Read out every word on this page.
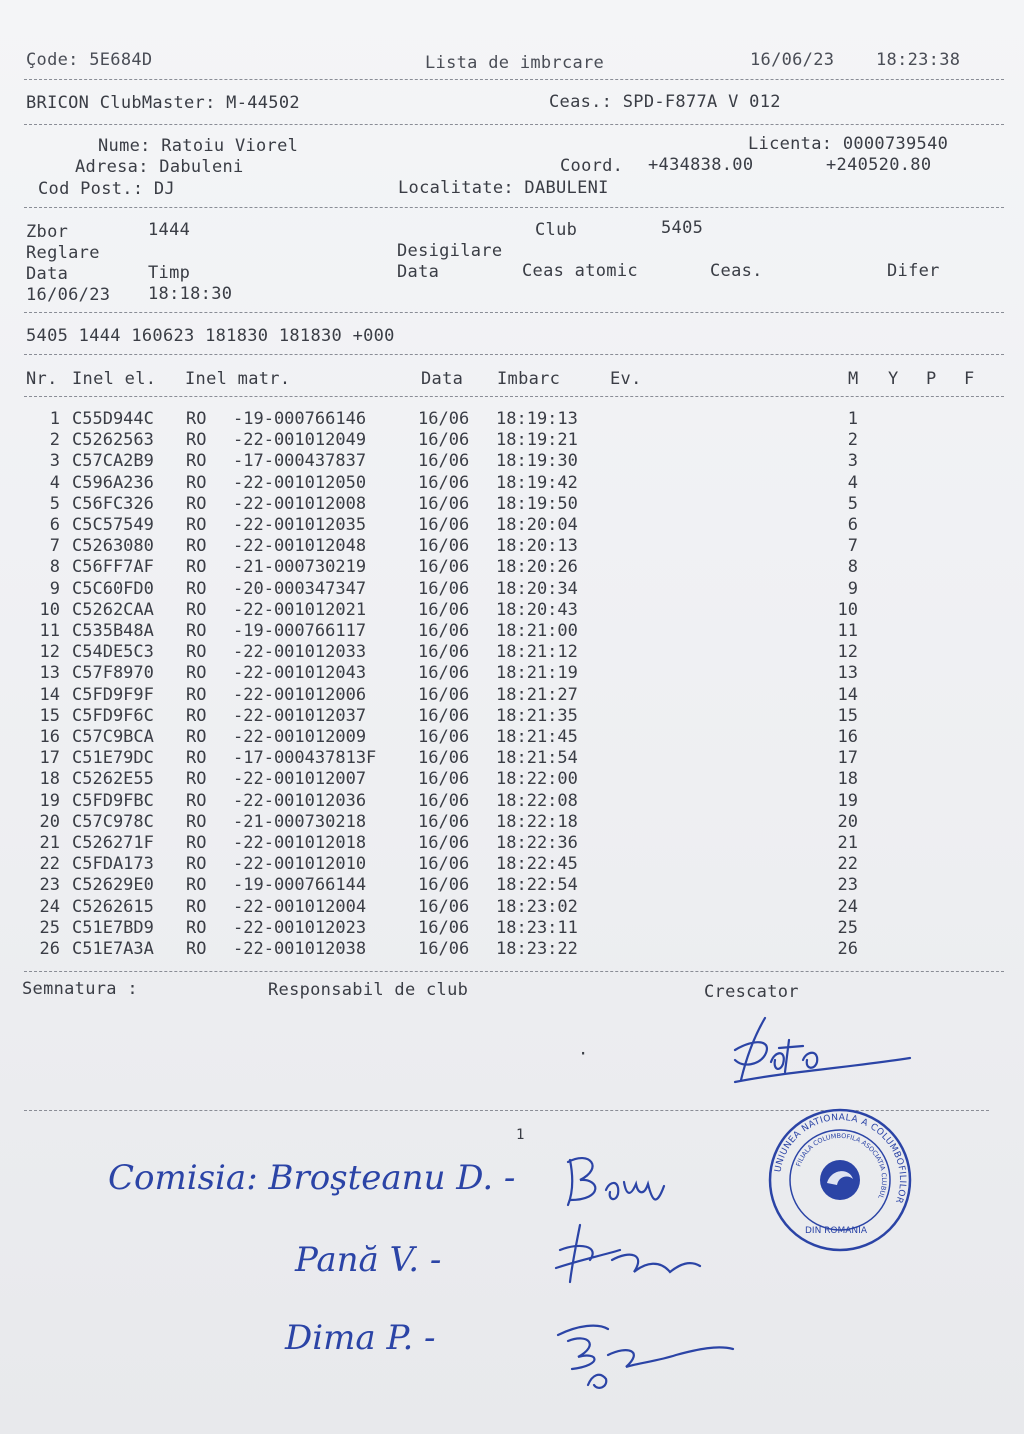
Çode: 5E684D	Lista de imbrcare	16/06/23 18:23:38
BRICON ClubMaster: M-44502	Ceas.: SPD-F877A V 012
Nume: Ratoiu Viorel	Licenta: 0000739540
Adresa: Dabuleni	Coord. +434838.00	+240520.80
Cod Post.: DJ	Localitate: DABULENI
Zbor	1444	Club	5405
Reglare	Desigilare
Data	Timp	Data	Ceas atomic	Ceas.	Difer
16/06/23 18:18:30
5405 1444 160623 181830 181830 +000
Nr. Inel el. Inel matr.	Data Imbarc	Ev.	M Y P F
1 C55D944C RO -19-000766146	16/06 18:19:13	1
2 C5262563 RO -22-001012049	16/06 18:19:21	2
3 C57CA2B9 RO -17-000437837	16/06 18:19:30	3
4 C596A236 RO -22-001012050	16/06 18:19:42	4
5 C56FC326 RO -22-001012008	16/06 18:19:50	5
6 C5C57549 RO -22-001012035	16/06 18:20:04	6
7 C5263080 RO -22-001012048	16/06 18:20:13	7
8 C56FF7AF RO -21-000730219	16/06 18:20:26	8
9 C5C60FD0 RO -20-000347347	16/06 18:20:34	9
10 C5262CAA RO -22-001012021	16/06 18:20:43	10
11 C535B48A RO -19-000766117	16/06 18:21:00	11
12 C54DE5C3 RO -22-001012033	16/06 18:21:12	12
13 C57F8970 RO -22-001012043	16/06 18:21:19	13
14 C5FD9F9F RO -22-001012006	16/06 18:21:27	14
15 C5FD9F6C RO -22-001012037	16/06 18:21:35	15
16 C57C9BCA RO -22-001012009	16/06 18:21:45	16
17 C51E79DC RO -17-000437813F 16/06 18:21:54	17
18 C5262E55 RO -22-001012007	16/06 18:22:00	18
19 C5FD9FBC RO -22-001012036	16/06 18:22:08	19
20 C57C978C RO -21-000730218	16/06 18:22:18	20
21 C526271F RO -22-001012018	16/06 18:22:36	21
22 C5FDA173 RO -22-001012010	16/06 18:22:45	22
23 C52629E0 RO -19-000766144	16/06 18:22:54	23
24 C5262615 RO -22-001012004	16/06 18:23:02	24
25 C51E7BD9 RO -22-001012023	16/06 18:23:11	25
26 C51E7A3A RO -22-001012038	16/06 18:23:22	26
Semnatura :	Responsabil de club	Crescator
·
1
UNIUNEA NATIONALA A COLUMBOFILILOR
FILIALA COLUMBOFILA ASOCIATIA CLUBUL
DIN ROMANIA
Comisia: Broşteanu D. -
Pană V. -
Dima P. -
